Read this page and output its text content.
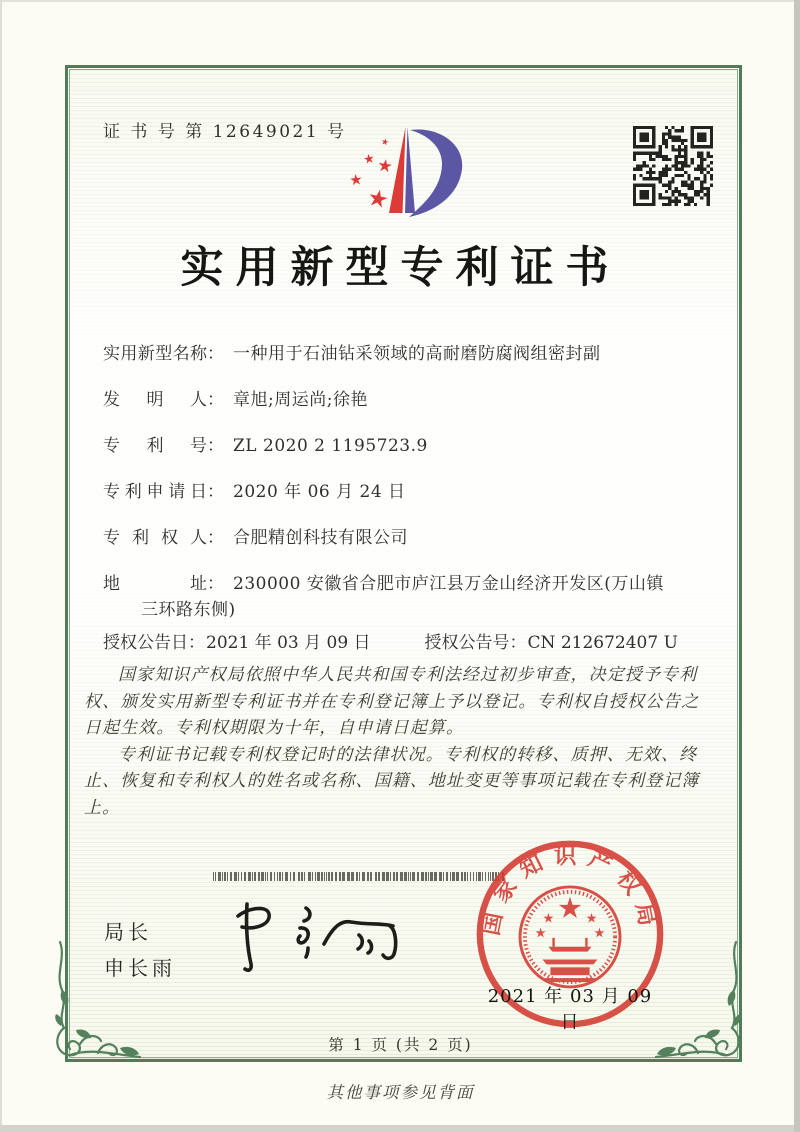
证 书 号 第 12649021 号
实用新型专利证书
实用新型名称 ： 一种用于石油钻采领域的高耐磨防腐阀组密封副
发明人 ： 章旭;周运尚;徐艳
专利号 ： ZL 2020 2 1195723.9
专利申请日 ： 2020 年 06 月 24 日
专利权人 ： 合肥精创科技有限公司
地址 ： 230000 安徽省合肥市庐江县万金山经济开发区(万山镇三环路东侧)
授权公告日 ： 2021 年 03 月 09 日	授权公告号 ： CN 212672407 U

国家知识产权局依照中华人民共和国专利法经过初步审查，决定授予专利权、颁发实用新型专利证书并在专利登记簿上予以登记。专利权自授权公告之日起生效。专利权期限为十年，自申请日起算。

专利证书记载专利权登记时的法律状况。专利权的转移、质押、无效、终止、恢复和专利权人的姓名或名称、国籍、地址变更等事项记载在专利登记簿上。

局长
申长雨
国家知识产权局
2021 年 03 月 09 日
第 1 页 (共 2 页)
其他事项参见背面
